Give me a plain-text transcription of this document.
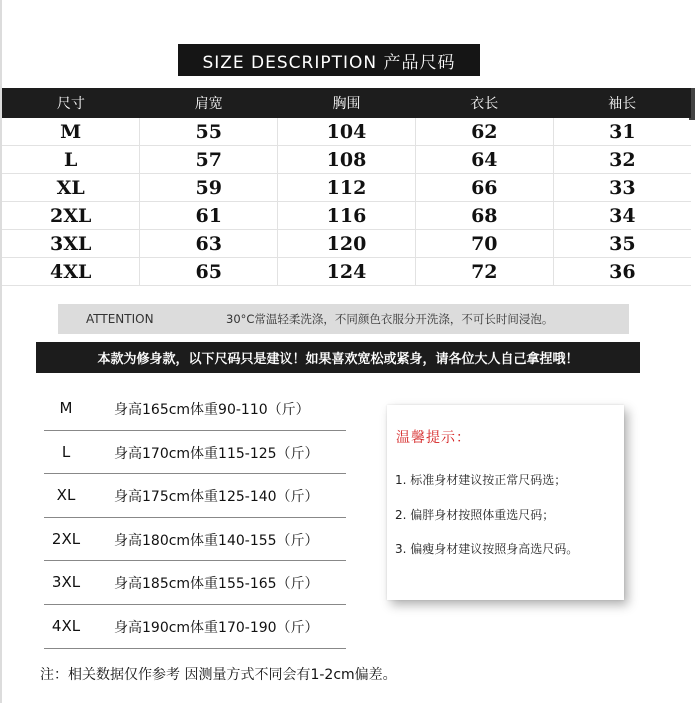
SIZE DESCRIPTION 产品尺码
尺寸	肩宽	胸围	衣长	袖长
M	55	104	62	31
L	57	108	64	32
XL	59	112	66	33
2XL	61	116	68	34
3XL	63	120	70	35
4XL	65	124	72	36
ATTENTION	30°C常温轻柔洗涤，不同颜色衣服分开洗涤，不可长时间浸泡。
本款为修身款，以下尺码只是建议！如果喜欢宽松或紧身，请各位大人自己拿捏哦！
M	身高165cm体重90-110（斤）
L	身高170cm体重115-125（斤）
XL	身高175cm体重125-140（斤）
2XL	身高180cm体重140-155（斤）
3XL	身高185cm体重155-165（斤）
4XL	身高190cm体重170-190（斤）
温馨提示：
1. 标准身材建议按正常尺码选；
2. 偏胖身材按照体重选尺码；
3. 偏瘦身材建议按照身高选尺码。
注：相关数据仅作参考 因测量方式不同会有1-2cm偏差。
